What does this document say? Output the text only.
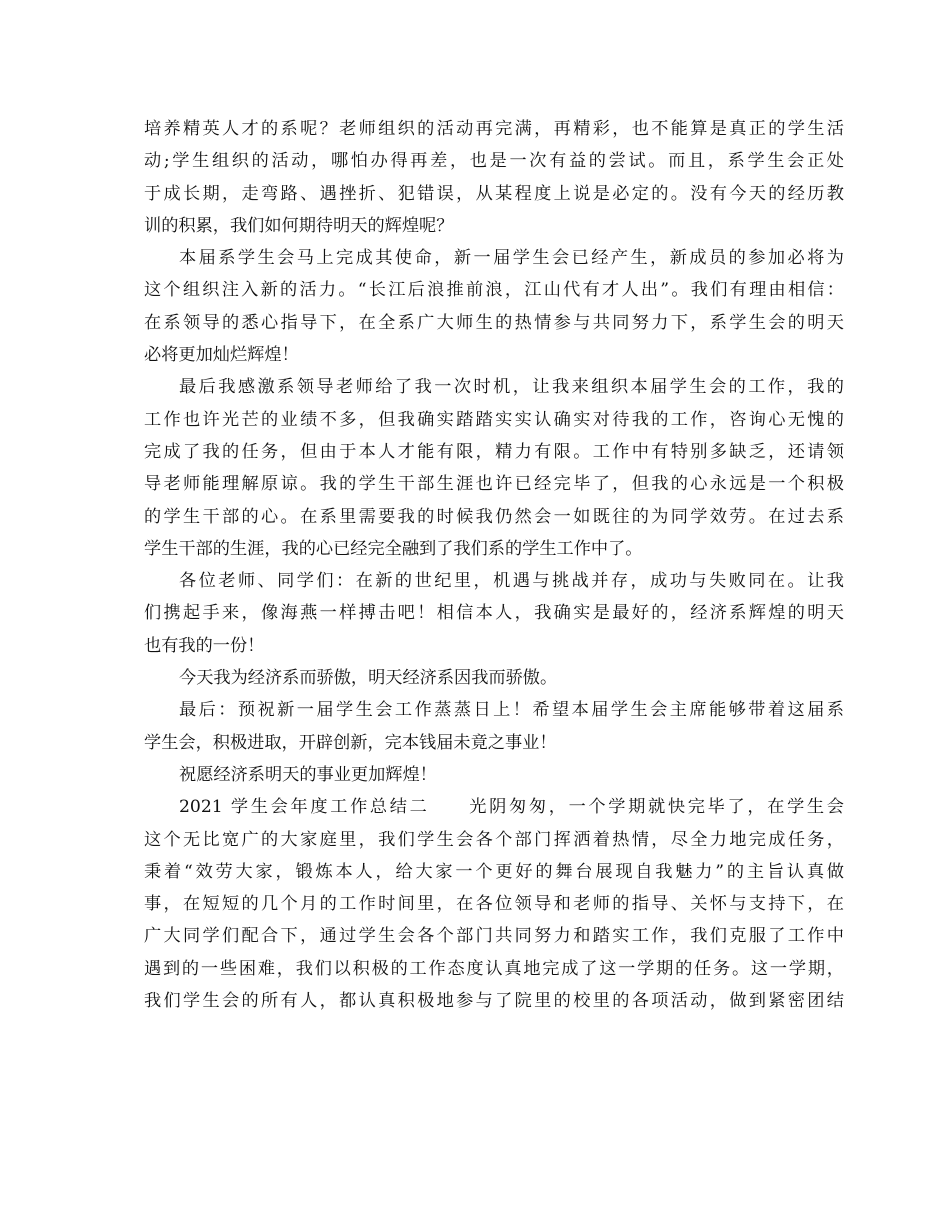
培养精英人才的系呢？老师组织的活动再完满，再精彩，也不能算是真正的学生活
动;学生组织的活动，哪怕办得再差，也是一次有益的尝试。而且，系学生会正处
于成长期，走弯路、遇挫折、犯错误，从某程度上说是必定的。没有今天的经历教
训的积累，我们如何期待明天的辉煌呢？
本届系学生会马上完成其使命，新一届学生会已经产生，新成员的参加必将为
这个组织注入新的活力。“长江后浪推前浪，江山代有才人出”。我们有理由相信：
在系领导的悉心指导下，在全系广大师生的热情参与共同努力下，系学生会的明天
必将更加灿烂辉煌！
最后我感激系领导老师给了我一次时机，让我来组织本届学生会的工作，我的
工作也许光芒的业绩不多，但我确实踏踏实实认确实对待我的工作，咨询心无愧的
完成了我的任务，但由于本人才能有限，精力有限。工作中有特别多缺乏，还请领
导老师能理解原谅。我的学生干部生涯也许已经完毕了，但我的心永远是一个积极
的学生干部的心。在系里需要我的时候我仍然会一如既往的为同学效劳。在过去系
学生干部的生涯，我的心已经完全融到了我们系的学生工作中了。
各位老师、同学们：在新的世纪里，机遇与挑战并存，成功与失败同在。让我
们携起手来，像海燕一样搏击吧！相信本人，我确实是最好的，经济系辉煌的明天
也有我的一份！
今天我为经济系而骄傲，明天经济系因我而骄傲。
最后：预祝新一届学生会工作蒸蒸日上！希望本届学生会主席能够带着这届系
学生会，积极进取，开辟创新，完本钱届未竟之事业！
祝愿经济系明天的事业更加辉煌！
2021 学生会年度工作总结二　　光阴匆匆，一个学期就快完毕了，在学生会
这个无比宽广的大家庭里，我们学生会各个部门挥洒着热情，尽全力地完成任务，
秉着“效劳大家，锻炼本人，给大家一个更好的舞台展现自我魅力”的主旨认真做
事，在短短的几个月的工作时间里，在各位领导和老师的指导、关怀与支持下，在
广大同学们配合下，通过学生会各个部门共同努力和踏实工作，我们克服了工作中
遇到的一些困难，我们以积极的工作态度认真地完成了这一学期的任务。这一学期，
我们学生会的所有人，都认真积极地参与了院里的校里的各项活动，做到紧密团结
